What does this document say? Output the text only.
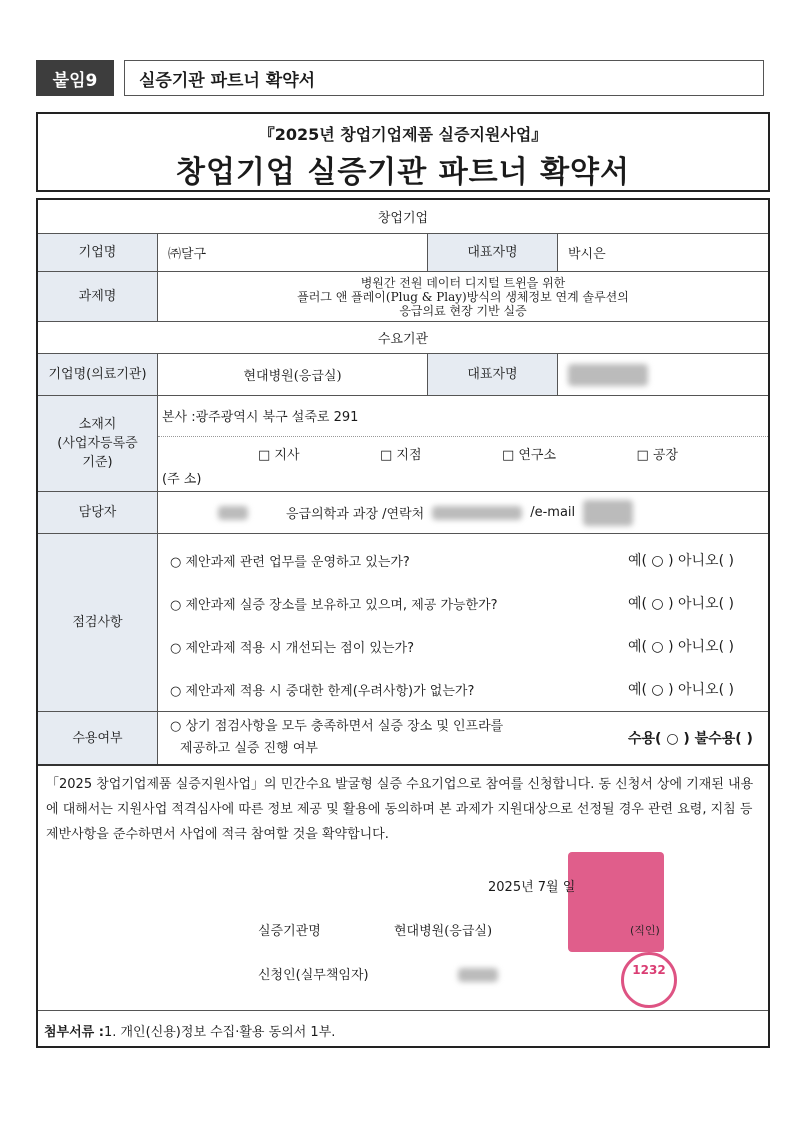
붙임9	실증기관 파트너 확약서
『2025년 창업기업제품 실증지원사업』
창업기업 실증기관 파트너 확약서
창업기업
기업명	㈜달구	대표자명	박시은
과제명
병원간 전원 데이터 디지털 트윈을 위한
플러그 앤 플레이(Plug & Play)방식의 생체정보 연계 솔루션의
응급의료 현장 기반 실증
수요기관
기업명(의료기관)	현대병원(응급실)	대표자명
소재지
(사업자등록증
기준)
본사 :광주광역시 북구 설죽로 291
□ 지사	□ 지점	□ 연구소	□ 공장
(주 소)
담당자	응급의학과 과장 /연락처	/e-mail
점검사항
○ 제안과제 관련 업무를 운영하고 있는가?	예( ○ ) 아니오( )
○ 제안과제 실증 장소를 보유하고 있으며, 제공 가능한가?	예( ○ ) 아니오( )
○ 제안과제 적용 시 개선되는 점이 있는가?	예( ○ ) 아니오( )
○ 제안과제 적용 시 중대한 한계(우려사항)가 없는가?	예( ○ ) 아니오( )
수용여부
○ 상기 점검사항을 모두 충족하면서 실증 장소 및 인프라를
제공하고 실증 진행 여부
수용( ○ ) 불수용( )
「2025 창업기업제품 실증지원사업」의 민간수요 발굴형 실증 수요기업으로 참여를 신청합니다. 동 신청서 상에 기재된 내용에 대해서는 지원사업 적격심사에 따른 정보 제공 및 활용에 동의하며 본 과제가 지원대상으로 선정될 경우 관련 요령, 지침 등 제반사항을 준수하면서 사업에 적극 참여할 것을 확약합니다.
2025년 7월 일
실증기관명	현대병원(응급실)	(직인)
신청인(실무책임자)	1232
첨부서류 : 1. 개인(신용)정보 수집·활용 동의서 1부.
